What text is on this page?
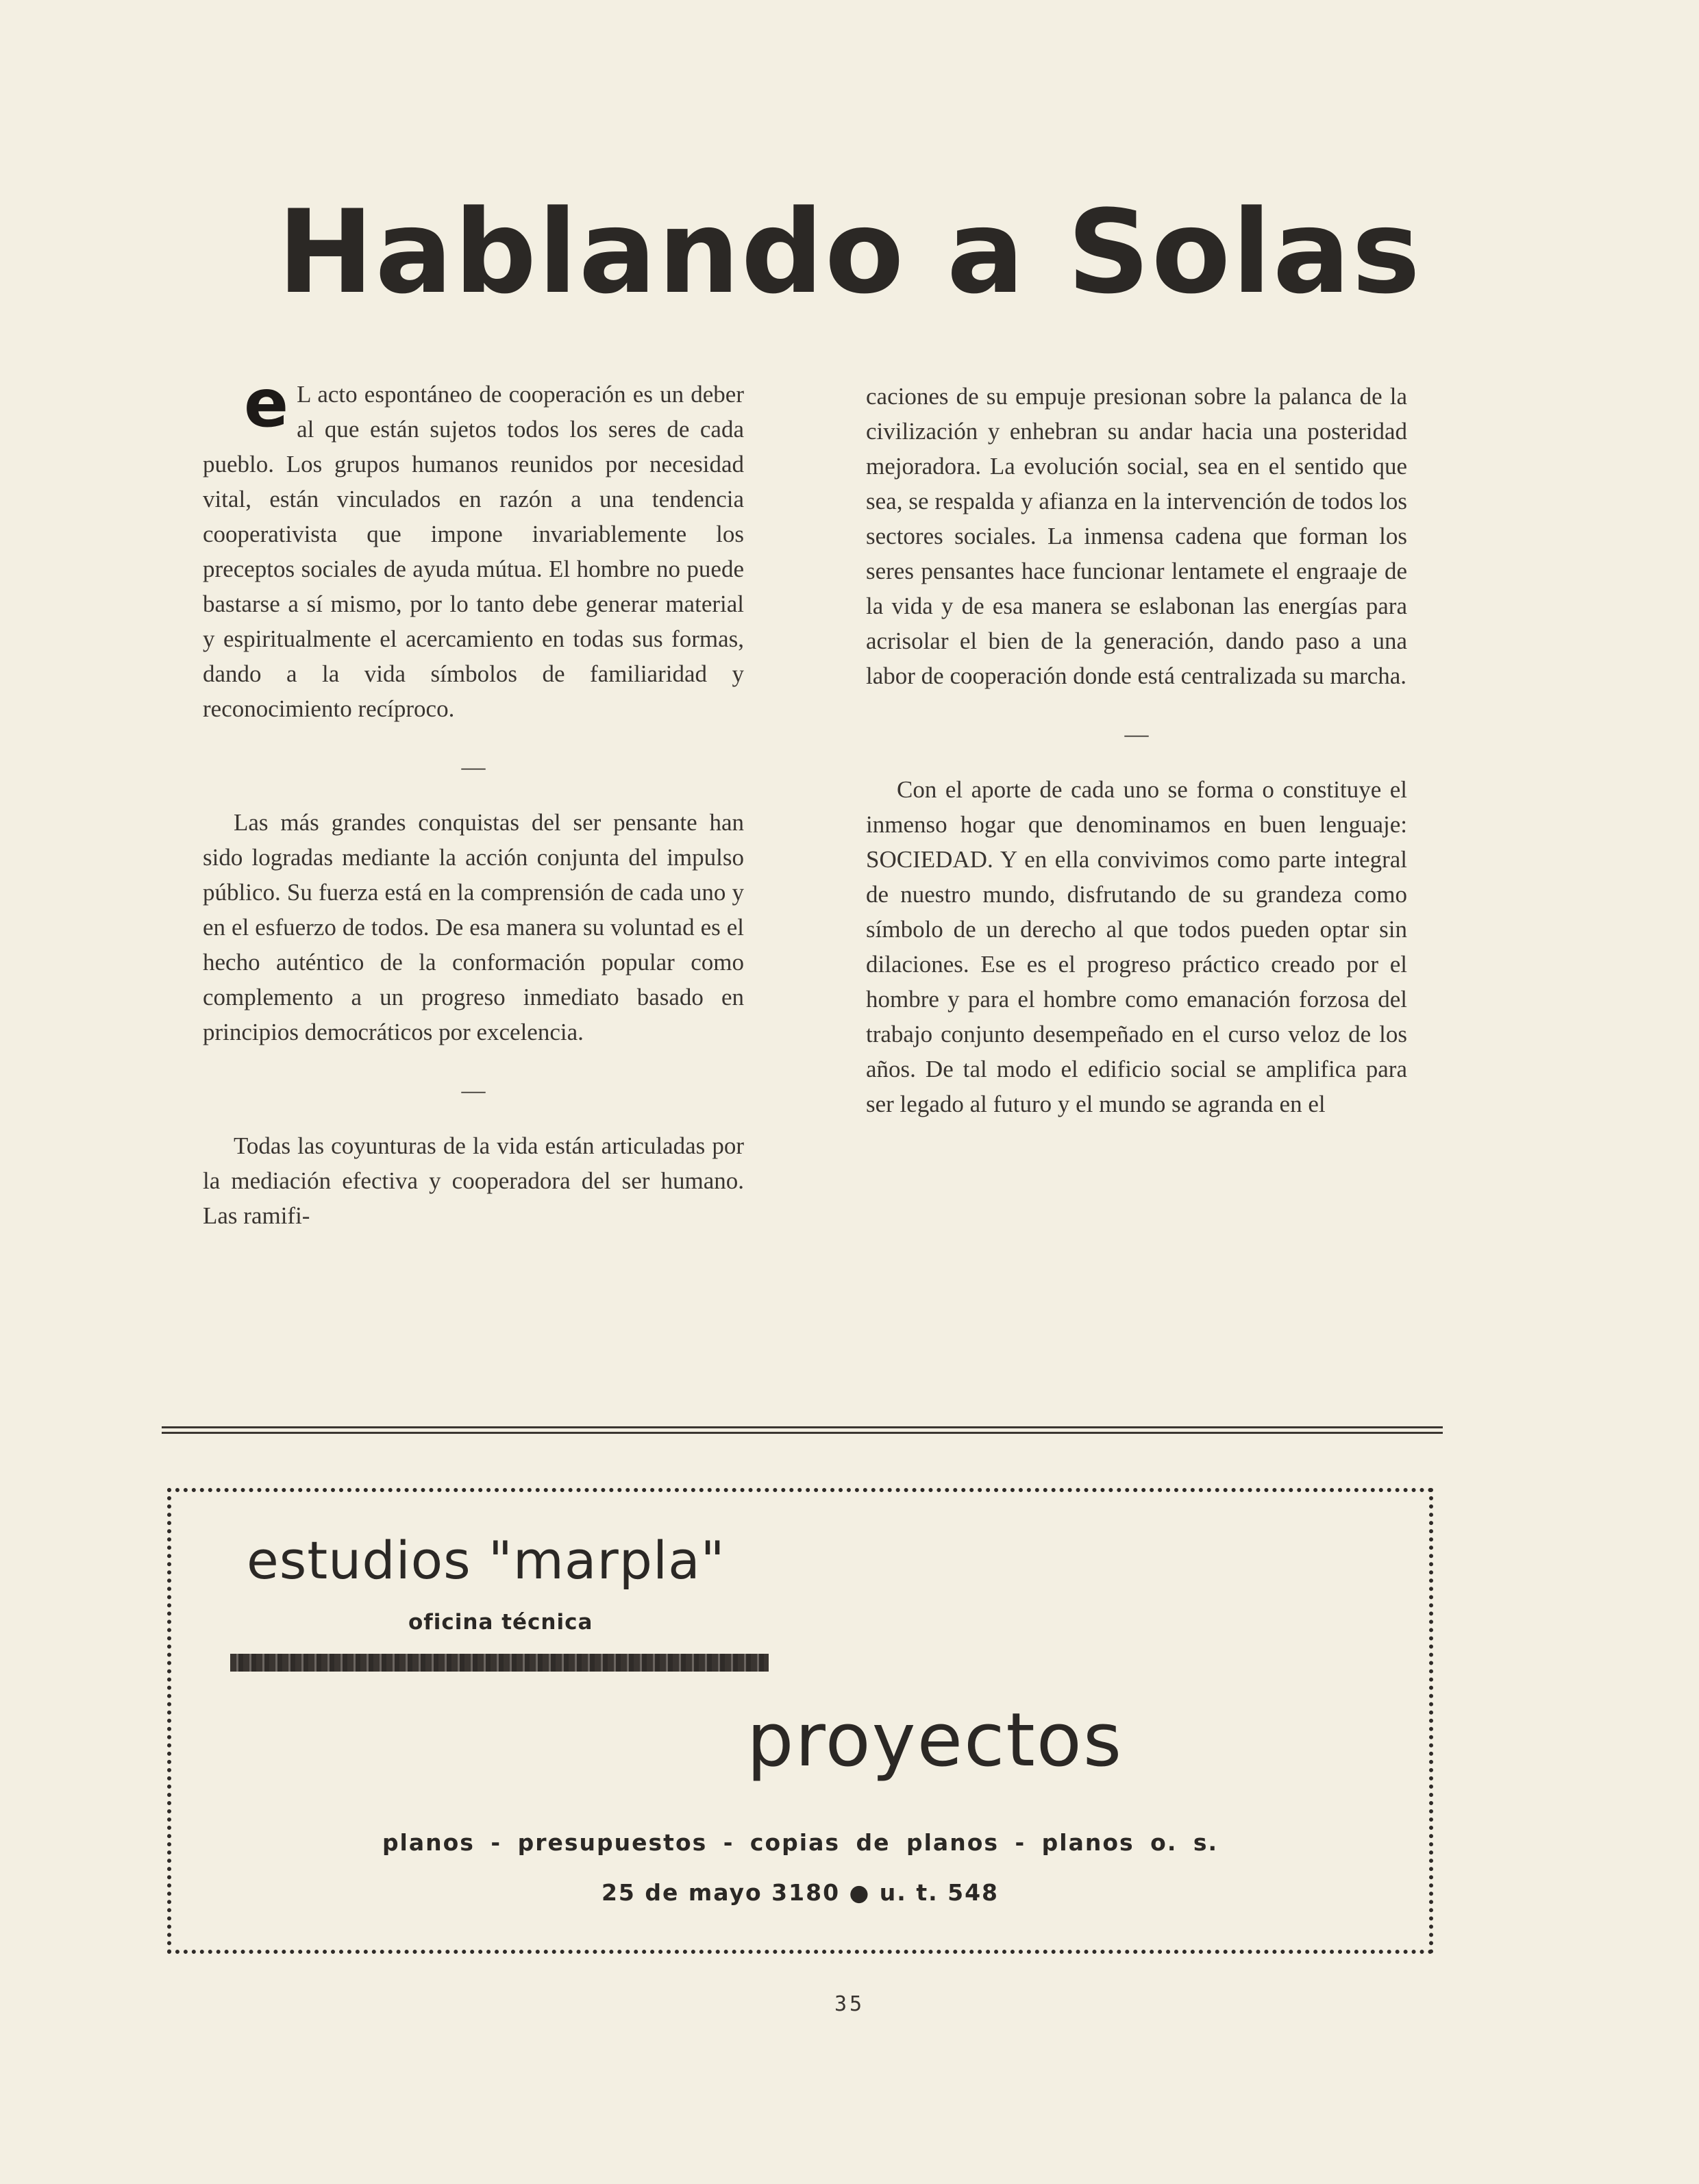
Hablando a Solas

e L acto espontáneo de cooperación es un deber al que están sujetos todos los seres de cada pueblo. Los grupos humanos reunidos por necesidad vital, están vinculados en razón a una tendencia cooperativista que impone invariablemente los preceptos sociales de ayuda mútua. El hombre no puede bastarse a sí mismo, por lo tanto debe generar material y espiritualmente el acercamiento en todas sus formas, dando a la vida símbolos de familiaridad y reconocimiento recíproco.

—

Las más grandes conquistas del ser pensante han sido logradas mediante la acción conjunta del impulso público. Su fuerza está en la comprensión de cada uno y en el esfuerzo de todos. De esa manera su voluntad es el hecho auténtico de la conformación popular como complemento a un progreso inmediato basado en principios democráticos por excelencia.

—

Todas las coyunturas de la vida están articuladas por la mediación efectiva y cooperadora del ser humano. Las ramifi-

caciones de su empuje presionan sobre la palanca de la civilización y enhebran su andar hacia una posteridad mejoradora. La evolución social, sea en el sentido que sea, se respalda y afianza en la intervención de todos los sectores sociales. La inmensa cadena que forman los seres pensantes hace funcionar lentamete el engraaje de la vida y de esa manera se eslabonan las energías para acrisolar el bien de la generación, dando paso a una labor de cooperación donde está centralizada su marcha.

—

Con el aporte de cada uno se forma o constituye el inmenso hogar que denominamos en buen lenguaje: SOCIEDAD. Y en ella convivimos como parte integral de nuestro mundo, disfrutando de su grandeza como símbolo de un derecho al que todos pueden optar sin dilaciones. Ese es el progreso práctico creado por el hombre y para el hombre como emanación forzosa del trabajo conjunto desempeñado en el curso veloz de los años. De tal modo el edificio social se amplifica para ser legado al futuro y el mundo se agranda en el

estudios "marpla"
oficina técnica
proyectos
planos - presupuestos - copias de planos - planos o. s.
25 de mayo 3180 ● u. t. 548
35
